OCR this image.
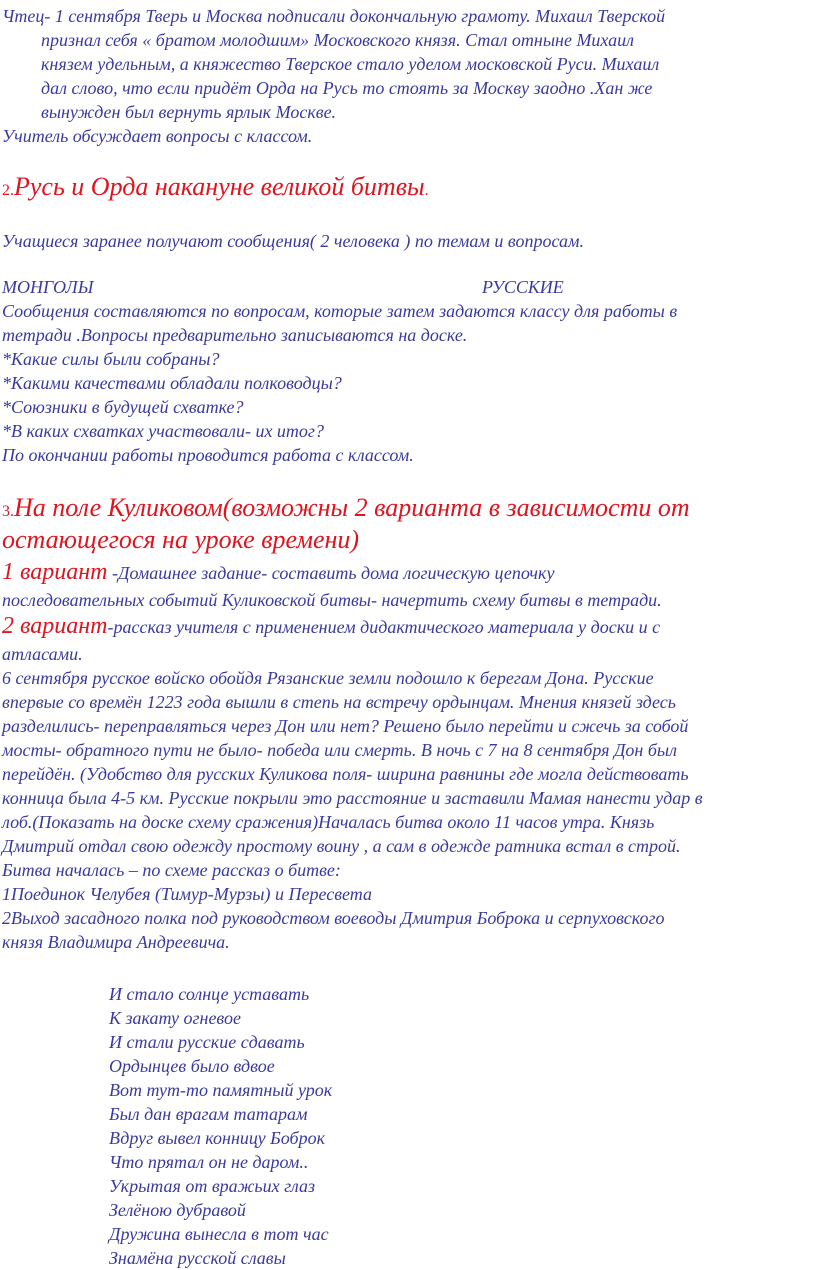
Чтец- 1 сентября Тверь и Москва подписали докончальную грамоту. Михаил Тверской
признал себя « братом молодшим» Московского князя. Стал отныне Михаил
князем удельным, а княжество Тверское стало уделом московской Руси. Михаил
дал слово, что если придёт Орда на Русь то стоять за Москву заодно .Хан же
вынужден был вернуть ярлык Москве.
Учитель обсуждает вопросы с классом.
2.Русь и Орда накануне великой битвы.
Учащиеся заранее получают сообщения( 2 человека ) по темам и вопросам.
МОНГОЛЫ	РУССКИЕ
Сообщения составляются по вопросам, которые затем задаются классу для работы в
тетради .Вопросы предварительно записываются на доске.
*Какие силы были собраны?
*Какими качествами обладали полководцы?
*Союзники в будущей схватке?
*В каких схватках участвовали- их итог?
По окончании работы проводится работа с классом.
3.На поле Куликовом(возможны 2 варианта в зависимости от
остающегося на уроке времени)
1 вариант -Домашнее задание- составить дома логическую цепочку
последовательных событий Куликовской битвы- начертить схему битвы в тетради.
2 вариант-рассказ учителя с применением дидактического материала у доски и с
атласами.
6 сентября русское войско обойдя Рязанские земли подошло к берегам Дона. Русские
впервые со времён 1223 года вышли в степь на встречу ордынцам. Мнения князей здесь
разделились- переправляться через Дон или нет? Решено было перейти и сжечь за собой
мосты- обратного пути не было- победа или смерть. В ночь с 7 на 8 сентября Дон был
перейдён. (Удобство для русских Куликова поля- ширина равнины где могла действовать
конница была 4-5 км. Русские покрыли это расстояние и заставили Мамая нанести удар в
лоб.(Показать на доске схему сражения)Началась битва около 11 часов утра. Князь
Дмитрий отдал свою одежду простому воину , а сам в одежде ратника встал в строй.
Битва началась – по схеме рассказ о битве:
1Поединок Челубея (Тимур-Мурзы) и Пересвета
2Выход засадного полка под руководством воеводы Дмитрия Боброка и серпуховского
князя Владимира Андреевича.
И стало солнце уставать
К закату огневое
И стали русские сдавать
Ордынцев было вдвое
Вот тут-то памятный урок
Был дан врагам татарам
Вдруг вывел конницу Боброк
Что прятал он не даром..
Укрытая от вражьих глаз
Зелёною дубравой
Дружина вынесла в тот час
Знамёна русской славы
